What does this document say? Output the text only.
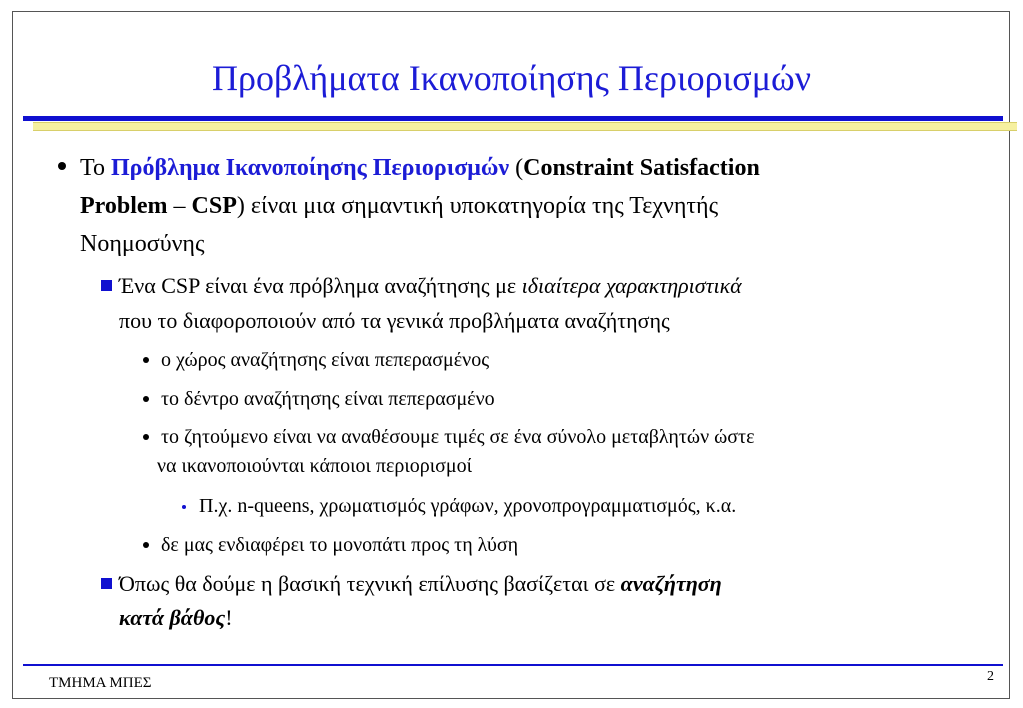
Προβλήματα Ικανοποίησης Περιορισμών
Το Πρόβλημα Ικανοποίησης Περιορισμών (Constraint Satisfaction
Problem – CSP) είναι μια σημαντική υποκατηγορία της Τεχνητής
Νοημοσύνης
Ένα CSP είναι ένα πρόβλημα αναζήτησης με ιδιαίτερα χαρακτηριστικά
που το διαφοροποιούν από τα γενικά προβλήματα αναζήτησης
ο χώρος αναζήτησης είναι πεπερασμένος
το δέντρο αναζήτησης είναι πεπερασμένο
το ζητούμενο είναι να αναθέσουμε τιμές σε ένα σύνολο μεταβλητών ώστε
να ικανοποιούνται κάποιοι περιορισμοί
Π.χ. n-queens, χρωματισμός γράφων, χρονοπρογραμματισμός, κ.α.
δε μας ενδιαφέρει το μονοπάτι προς τη λύση
Όπως θα δούμε η βασική τεχνική επίλυσης βασίζεται σε αναζήτηση
κατά βάθος!
ΤΜΗΜΑ ΜΠΕΣ	2
